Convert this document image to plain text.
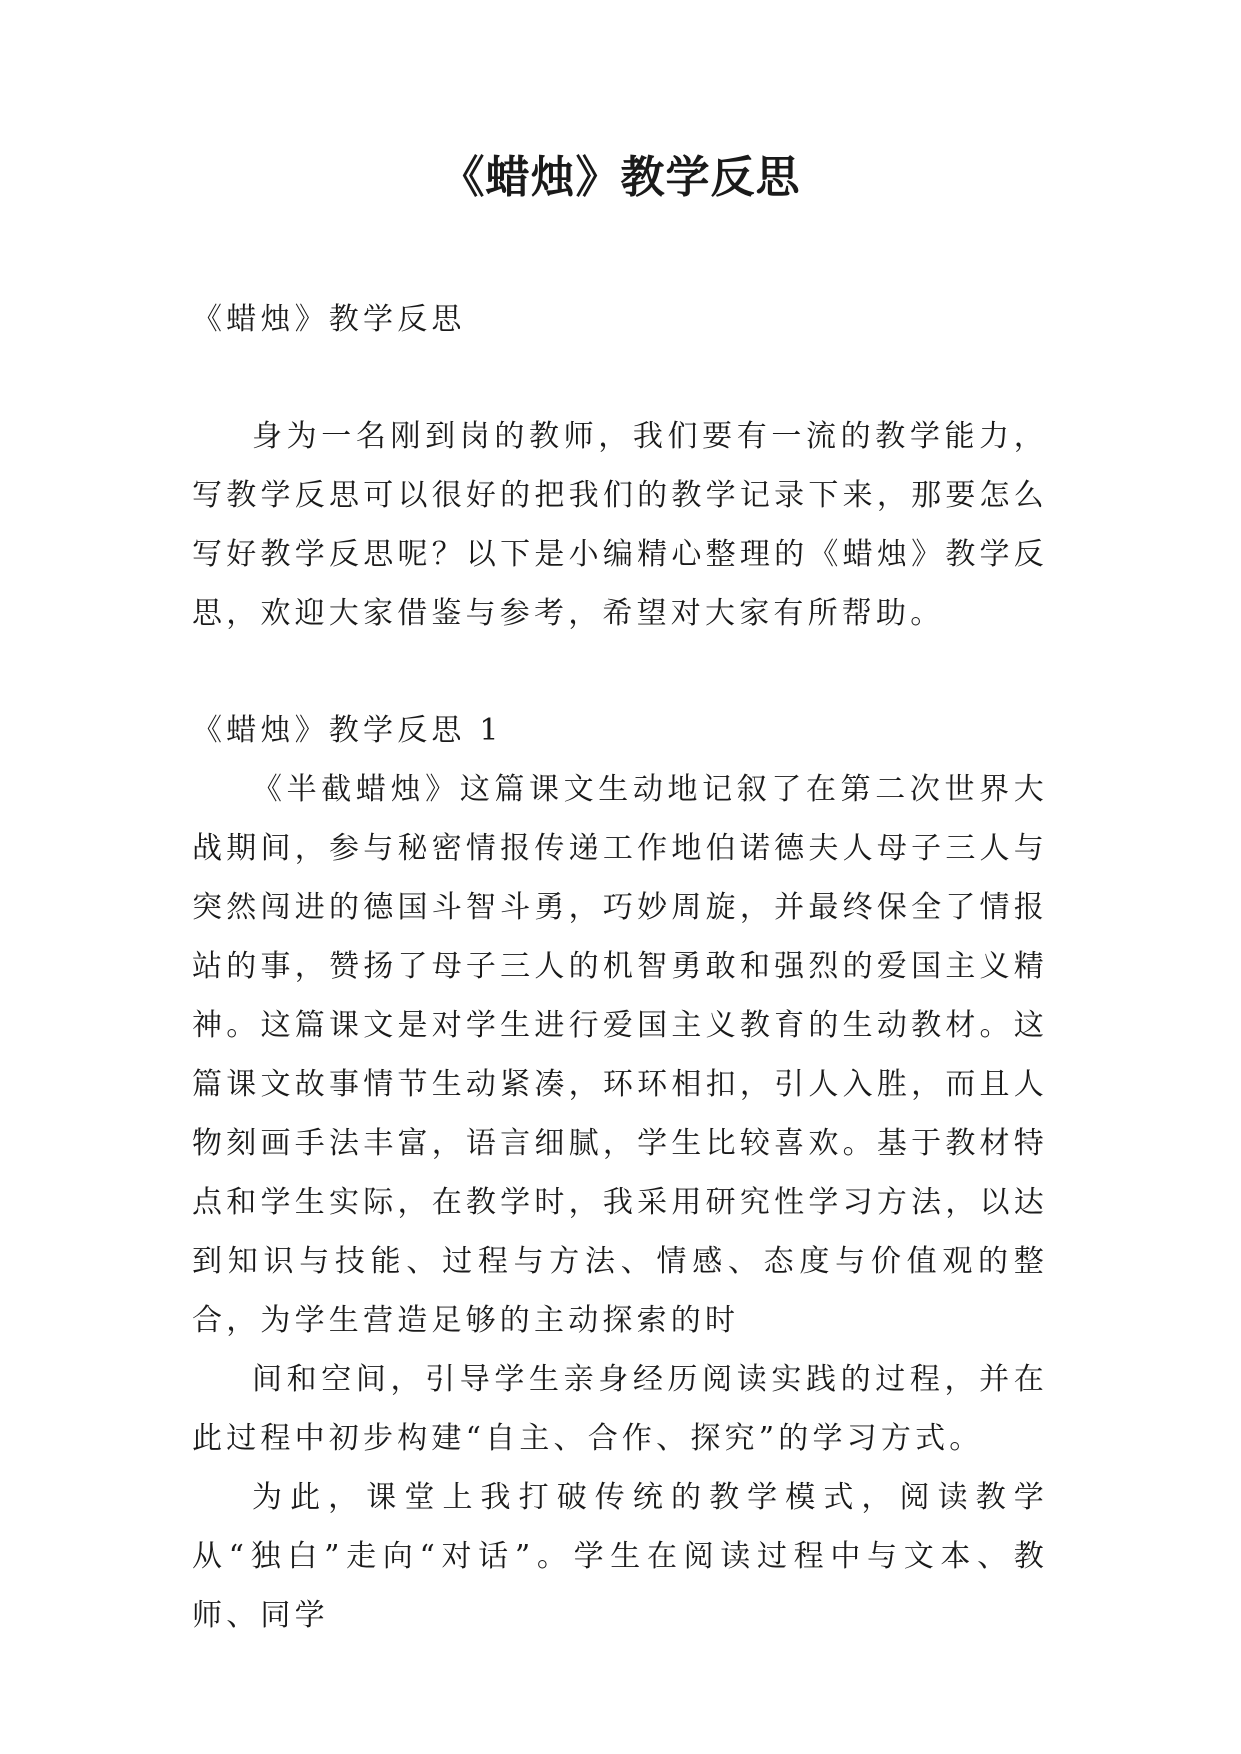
《蜡烛》教学反思

《蜡烛》教学反思

身为一名刚到岗的教师，我们要有一流的教学能力，写教学反思可以很好的把我们的教学记录下来，那要怎么写好教学反思呢？以下是小编精心整理的《蜡烛》教学反思，欢迎大家借鉴与参考，希望对大家有所帮助。

《蜡烛》教学反思 1

《半截蜡烛》这篇课文生动地记叙了在第二次世界大战期间，参与秘密情报传递工作地伯诺德夫人母子三人与突然闯进的德国斗智斗勇，巧妙周旋，并最终保全了情报站的事，赞扬了母子三人的机智勇敢和强烈的爱国主义精神。这篇课文是对学生进行爱国主义教育的生动教材。这篇课文故事情节生动紧凑，环环相扣，引人入胜，而且人物刻画手法丰富，语言细腻，学生比较喜欢。基于教材特点和学生实际，在教学时，我采用研究性学习方法，以达到知识与技能、过程与方法、情感、态度与价值观的整合，为学生营造足够的主动探索的时

间和空间，引导学生亲身经历阅读实践的过程，并在此过程中初步构建“自主、合作、探究”的学习方式。

为此，课堂上我打破传统的教学模式，阅读教学从“独白”走向“对话”。学生在阅读过程中与文本、教师、同学
